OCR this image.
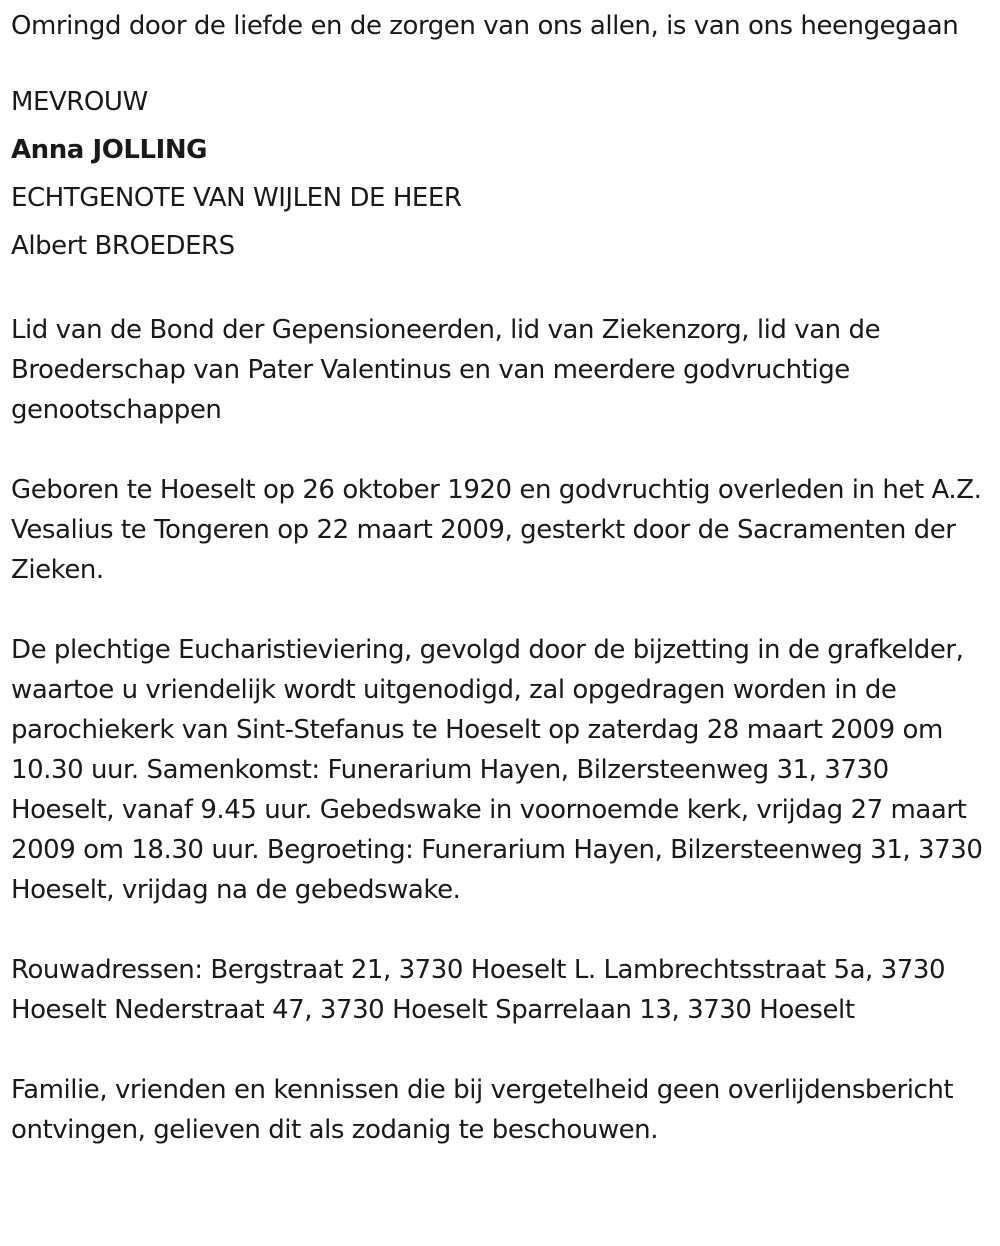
Omringd door de liefde en de zorgen van ons allen, is van ons heengegaan

MEVROUW

Anna JOLLING

ECHTGENOTE VAN WIJLEN DE HEER

Albert BROEDERS

Lid van de Bond der Gepensioneerden, lid van Ziekenzorg, lid van de Broederschap van Pater Valentinus en van meerdere godvruchtige genootschappen

Geboren te Hoeselt op 26 oktober 1920 en godvruchtig overleden in het A.Z. Vesalius te Tongeren op 22 maart 2009, gesterkt door de Sacramenten der Zieken.

De plechtige Eucharistieviering, gevolgd door de bijzetting in de grafkelder, waartoe u vriendelijk wordt uitgenodigd, zal opgedragen worden in de parochiekerk van Sint-Stefanus te Hoeselt op zaterdag 28 maart 2009 om 10.30 uur. Samenkomst: Funerarium Hayen, Bilzersteenweg 31, 3730 Hoeselt, vanaf 9.45 uur. Gebedswake in voornoemde kerk, vrijdag 27 maart 2009 om 18.30 uur. Begroeting: Funerarium Hayen, Bilzersteenweg 31, 3730 Hoeselt, vrijdag na de gebedswake.

Rouwadressen: Bergstraat 21, 3730 Hoeselt L. Lambrechtsstraat 5a, 3730 Hoeselt Nederstraat 47, 3730 Hoeselt Sparrelaan 13, 3730 Hoeselt

Familie, vrienden en kennissen die bij vergetelheid geen overlijdensbericht ontvingen, gelieven dit als zodanig te beschouwen.
